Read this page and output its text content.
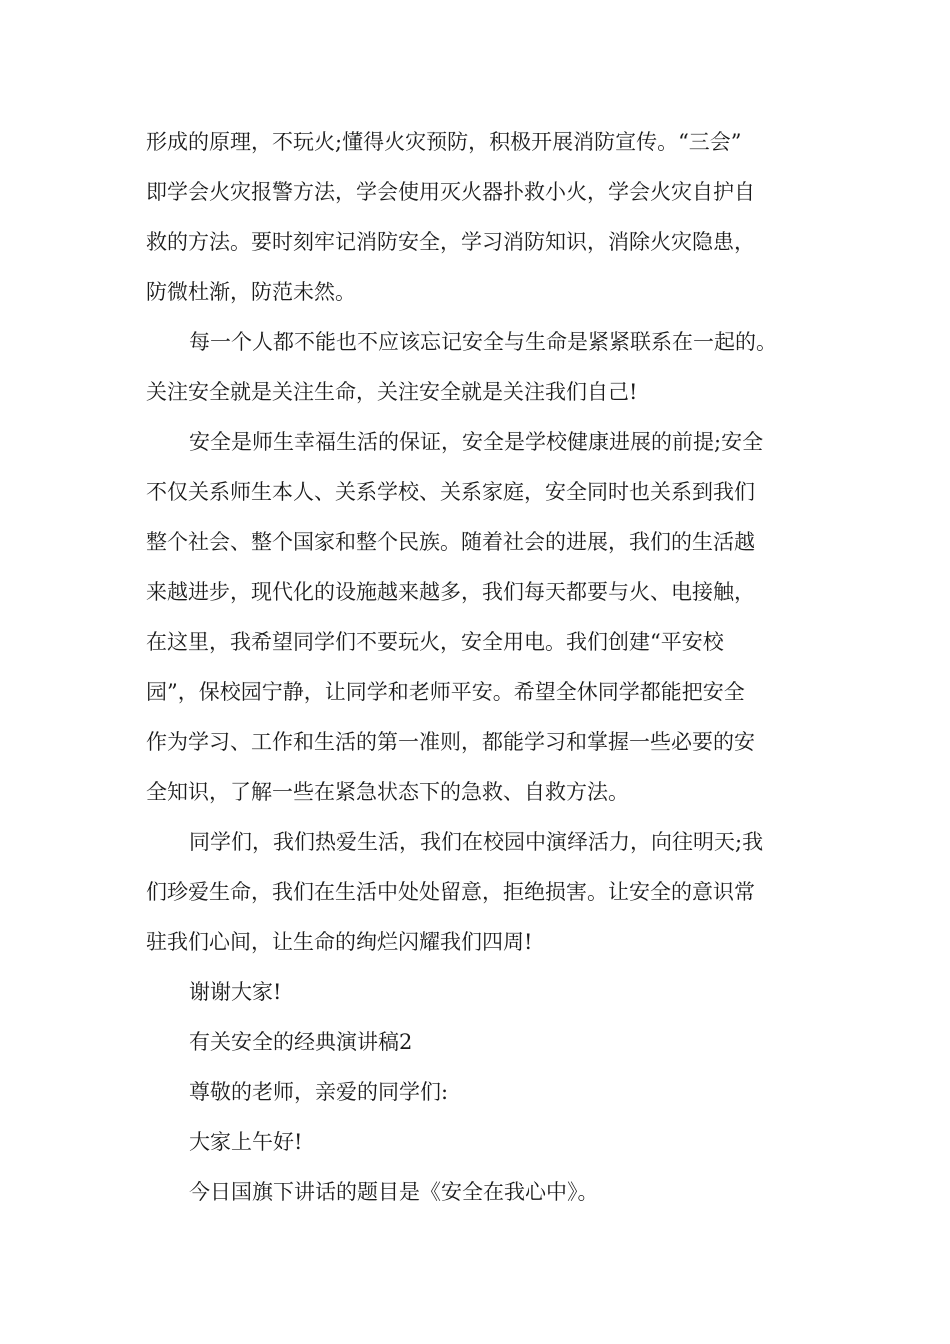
形成的原理，不玩火;懂得火灾预防，积极开展消防宣传。“三会”
即学会火灾报警方法，学会使用灭火器扑救小火，学会火灾自护自
救的方法。要时刻牢记消防安全，学习消防知识，消除火灾隐患，
防微杜渐，防范未然。
每一个人都不能也不应该忘记安全与生命是紧紧联系在一起的。
关注安全就是关注生命，关注安全就是关注我们自己!
安全是师生幸福生活的保证，安全是学校健康进展的前提;安全
不仅关系师生本人、关系学校、关系家庭，安全同时也关系到我们
整个社会、整个国家和整个民族。随着社会的进展，我们的生活越
来越进步，现代化的设施越来越多，我们每天都要与火、电接触，
在这里，我希望同学们不要玩火，安全用电。我们创建“平安校
园”，保校园宁静，让同学和老师平安。希望全休同学都能把安全
作为学习、工作和生活的第一准则，都能学习和掌握一些必要的安
全知识，了解一些在紧急状态下的急救、自救方法。
同学们，我们热爱生活，我们在校园中演绎活力，向往明天;我
们珍爱生命，我们在生活中处处留意，拒绝损害。让安全的意识常
驻我们心间，让生命的绚烂闪耀我们四周!
谢谢大家!
有关安全的经典演讲稿2
尊敬的老师，亲爱的同学们:
大家上午好!
今日国旗下讲话的题目是《安全在我心中》。
